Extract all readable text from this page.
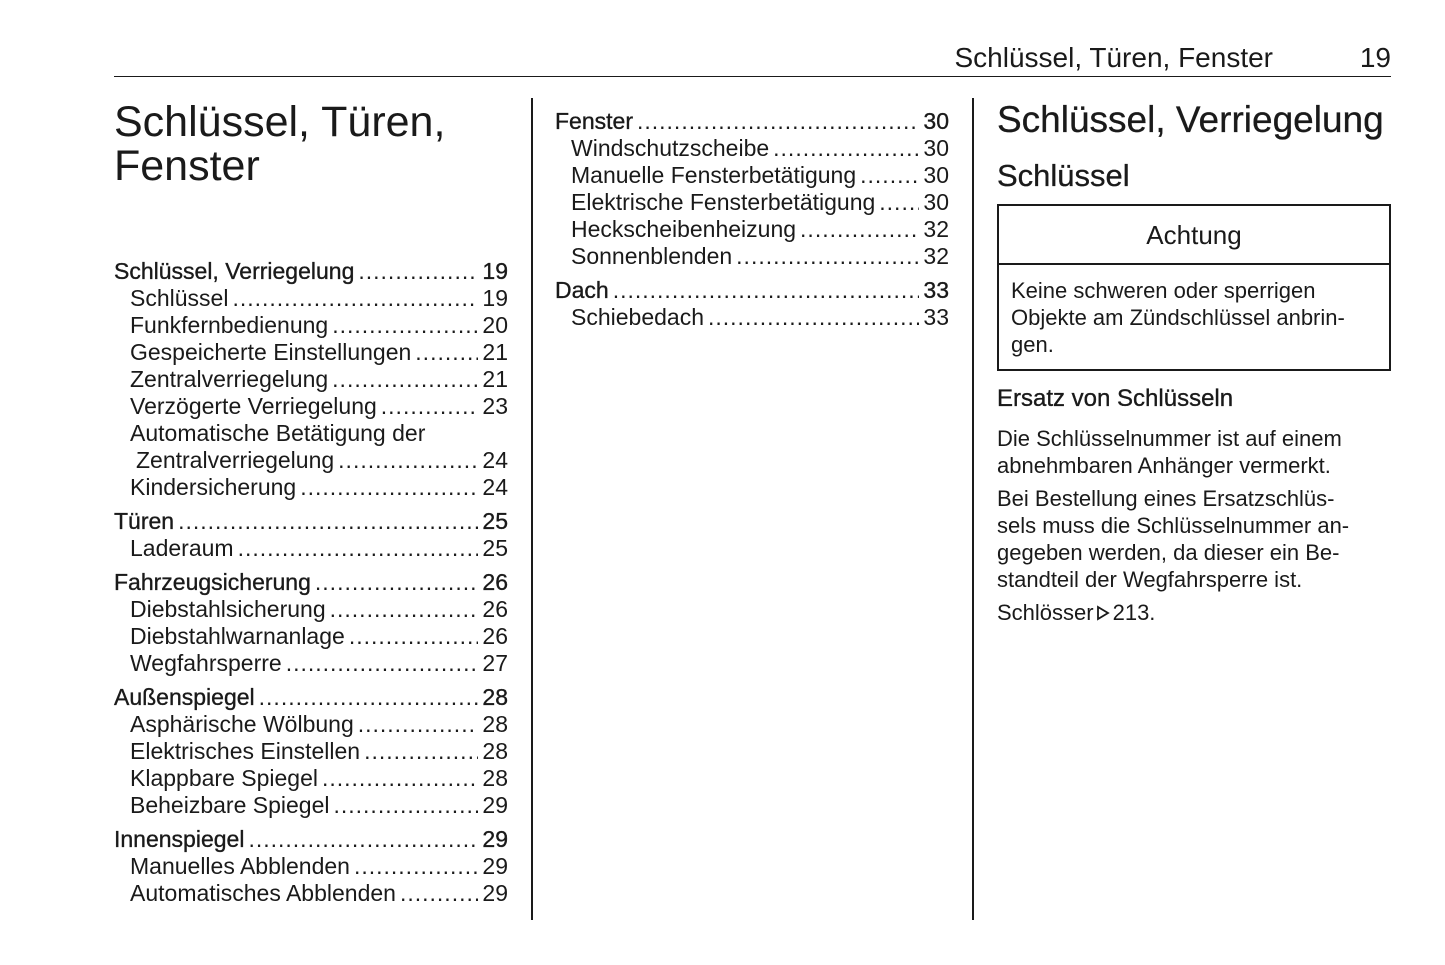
Schlüssel, Türen, Fenster	19
Schlüssel, Türen,
Fenster
Schlüssel, Verriegelung .....	19
Schlüssel .....	19
Funkfernbedienung .....	20
Gespeicherte Einstellungen .....	21
Zentralverriegelung .....	21
Verzögerte Verriegelung .....	23
Automatische Betätigung der
Zentralverriegelung .....	24
Kindersicherung .....	24
Türen .....	25
Laderaum .....	25
Fahrzeugsicherung .....	26
Diebstahlsicherung .....	26
Diebstahlwarnanlage .....	26
Wegfahrsperre .....	27
Außenspiegel .....	28
Asphärische Wölbung .....	28
Elektrisches Einstellen .....	28
Klappbare Spiegel .....	28
Beheizbare Spiegel .....	29
Innenspiegel .....	29
Manuelles Abblenden .....	29
Automatisches Abblenden .....	29
Fenster .....	30
Windschutzscheibe .....	30
Manuelle Fensterbetätigung .....	30
Elektrische Fensterbetätigung ..... 30
Heckscheibenheizung .....	32
Sonnenblenden .....	32
Dach .....	33
Schiebedach .....	33
Schlüssel, Verriegelung
Schlüssel
Achtung
Keine schweren oder sperrigen
Objekte am Zündschlüssel anbrin-
gen.
Ersatz von Schlüsseln

Die Schlüsselnummer ist auf einem
abnehmbaren Anhänger vermerkt.

Bei Bestellung eines Ersatzschlüs-
sels muss die Schlüsselnummer an-
gegeben werden, da dieser ein Be-
standteil der Wegfahrsperre ist.

Schlösser 213.
